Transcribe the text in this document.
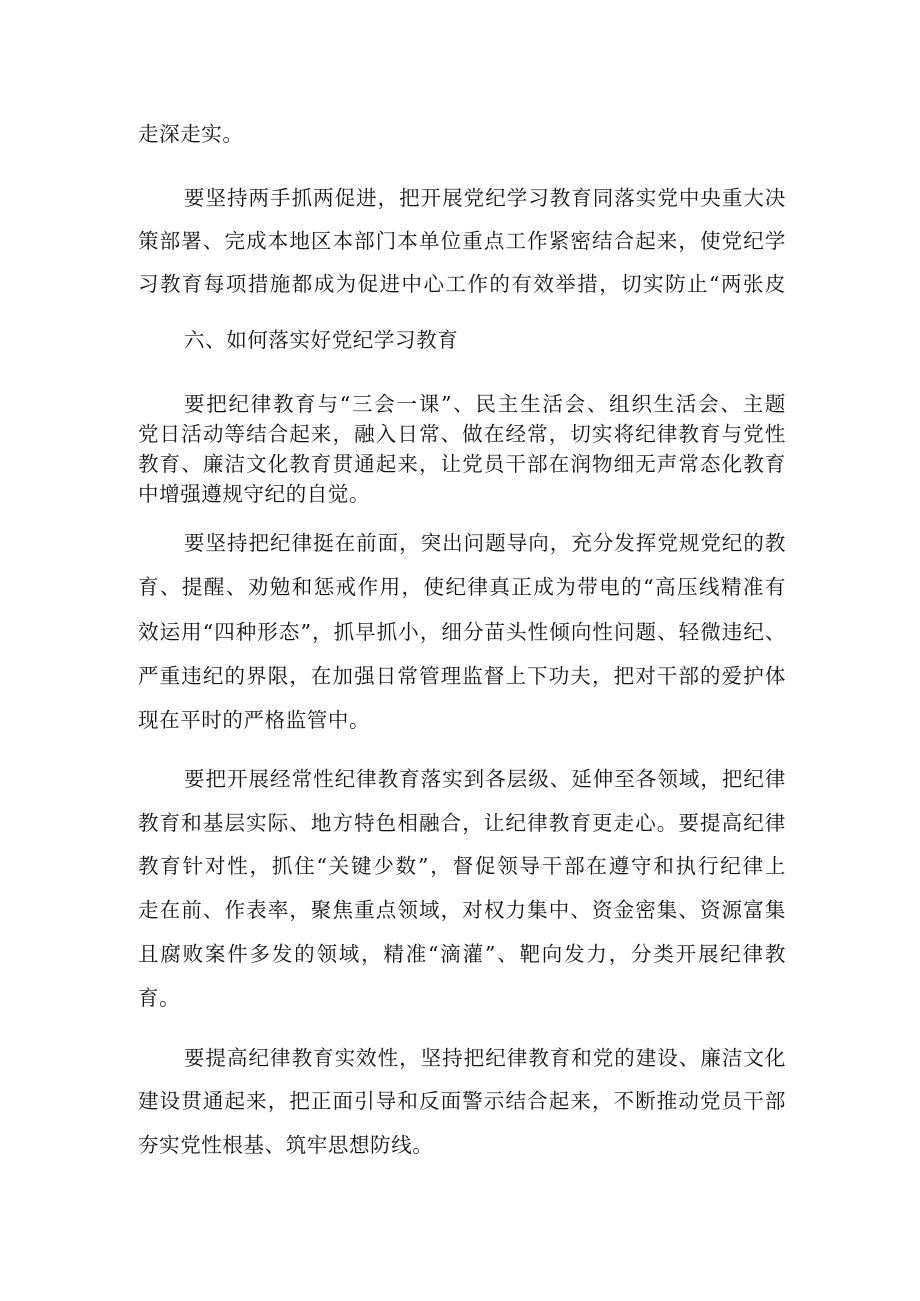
走深走实。
要坚持两手抓两促进，把开展党纪学习教育同落实党中央重大决
策部署、完成本地区本部门本单位重点工作紧密结合起来，使党纪学
习教育每项措施都成为促进中心工作的有效举措，切实防止“两张皮
六、如何落实好党纪学习教育
要把纪律教育与“三会一课”、民主生活会、组织生活会、主题
党日活动等结合起来，融入日常、做在经常，切实将纪律教育与党性
教育、廉洁文化教育贯通起来，让党员干部在润物细无声常态化教育
中增强遵规守纪的自觉。
要坚持把纪律挺在前面，突出问题导向，充分发挥党规党纪的教
育、提醒、劝勉和惩戒作用，使纪律真正成为带电的“高压线精准有
效运用“四种形态”，抓早抓小，细分苗头性倾向性问题、轻微违纪、
严重违纪的界限，在加强日常管理监督上下功夫，把对干部的爱护体
现在平时的严格监管中。
要把开展经常性纪律教育落实到各层级、延伸至各领域，把纪律
教育和基层实际、地方特色相融合，让纪律教育更走心。要提高纪律
教育针对性，抓住“关键少数”，督促领导干部在遵守和执行纪律上
走在前、作表率，聚焦重点领域，对权力集中、资金密集、资源富集
且腐败案件多发的领域，精准“滴灌”、靶向发力，分类开展纪律教
育。
要提高纪律教育实效性，坚持把纪律教育和党的建设、廉洁文化
建设贯通起来，把正面引导和反面警示结合起来，不断推动党员干部
夯实党性根基、筑牢思想防线。
